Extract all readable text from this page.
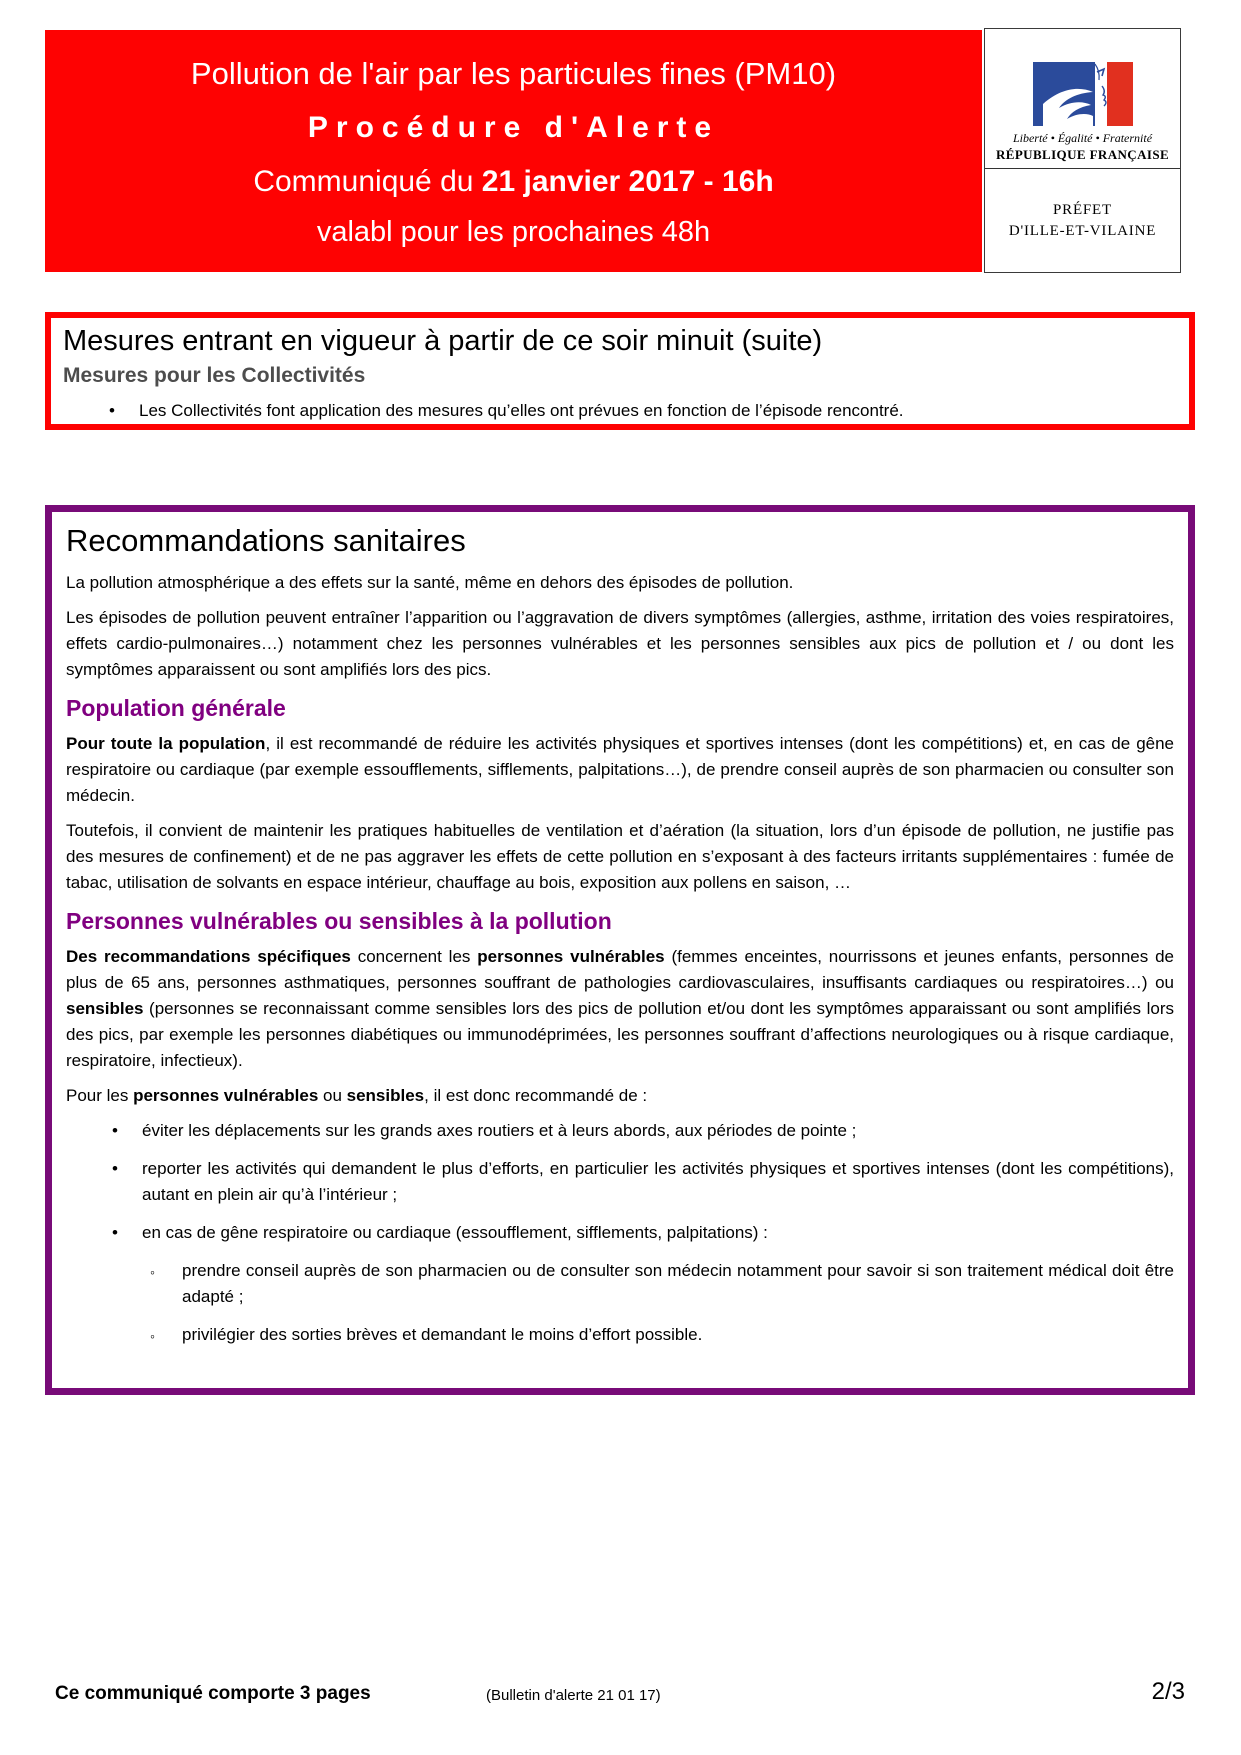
Pollution de l'air par les particules fines (PM10)
Procédure d'Alerte
Communiqué du 21 janvier 2017 - 16h
valabl pour les prochaines 48h
Liberté • Égalité • Fraternité
RÉPUBLIQUE FRANÇAISE
PRÉFET
D'ILLE-ET-VILAINE
Mesures entrant en vigueur à partir de ce soir minuit (suite)
Mesures pour les Collectivités
• Les Collectivités font application des mesures qu’elles ont prévues en fonction de l’épisode rencontré.
Recommandations sanitaires

La pollution atmosphérique a des effets sur la santé, même en dehors des épisodes de pollution.

Les épisodes de pollution peuvent entraîner l’apparition ou l’aggravation de divers symptômes (allergies, asthme, irritation des voies respiratoires, effets cardio-pulmonaires…) notamment chez les personnes vulnérables et les personnes sensibles aux pics de pollution et / ou dont les symptômes apparaissent ou sont amplifiés lors des pics.

Population générale

Pour toute la population, il est recommandé de réduire les activités physiques et sportives intenses (dont les compétitions) et, en cas de gêne respiratoire ou cardiaque (par exemple essoufflements, sifflements, palpitations…), de prendre conseil auprès de son pharmacien ou consulter son médecin.

Toutefois, il convient de maintenir les pratiques habituelles de ventilation et d’aération (la situation, lors d’un épisode de pollution, ne justifie pas des mesures de confinement) et de ne pas aggraver les effets de cette pollution en s’exposant à des facteurs irritants supplémentaires : fumée de tabac, utilisation de solvants en espace intérieur, chauffage au bois, exposition aux pollens en saison, …

Personnes vulnérables ou sensibles à la pollution

Des recommandations spécifiques concernent les personnes vulnérables (femmes enceintes, nourrissons et jeunes enfants, personnes de plus de 65 ans, personnes asthmatiques, personnes souffrant de pathologies cardiovasculaires, insuffisants cardiaques ou respiratoires…) ou sensibles (personnes se reconnaissant comme sensibles lors des pics de pollution et/ou dont les symptômes apparaissant ou sont amplifiés lors des pics, par exemple les personnes diabétiques ou immunodéprimées, les personnes souffrant d’affections neurologiques ou à risque cardiaque, respiratoire, infectieux).

Pour les personnes vulnérables ou sensibles, il est donc recommandé de :

• éviter les déplacements sur les grands axes routiers et à leurs abords, aux périodes de pointe ;
• reporter les activités qui demandent le plus d’efforts, en particulier les activités physiques et sportives intenses (dont les compétitions), autant en plein air qu’à l’intérieur ;
• en cas de gêne respiratoire ou cardiaque (essoufflement, sifflements, palpitations) :
◦ prendre conseil auprès de son pharmacien ou de consulter son médecin notamment pour savoir si son traitement médical doit être adapté ;
◦ privilégier des sorties brèves et demandant le moins d’effort possible.
Ce communiqué comporte 3 pages	(Bulletin d'alerte 21 01 17)	2/3
